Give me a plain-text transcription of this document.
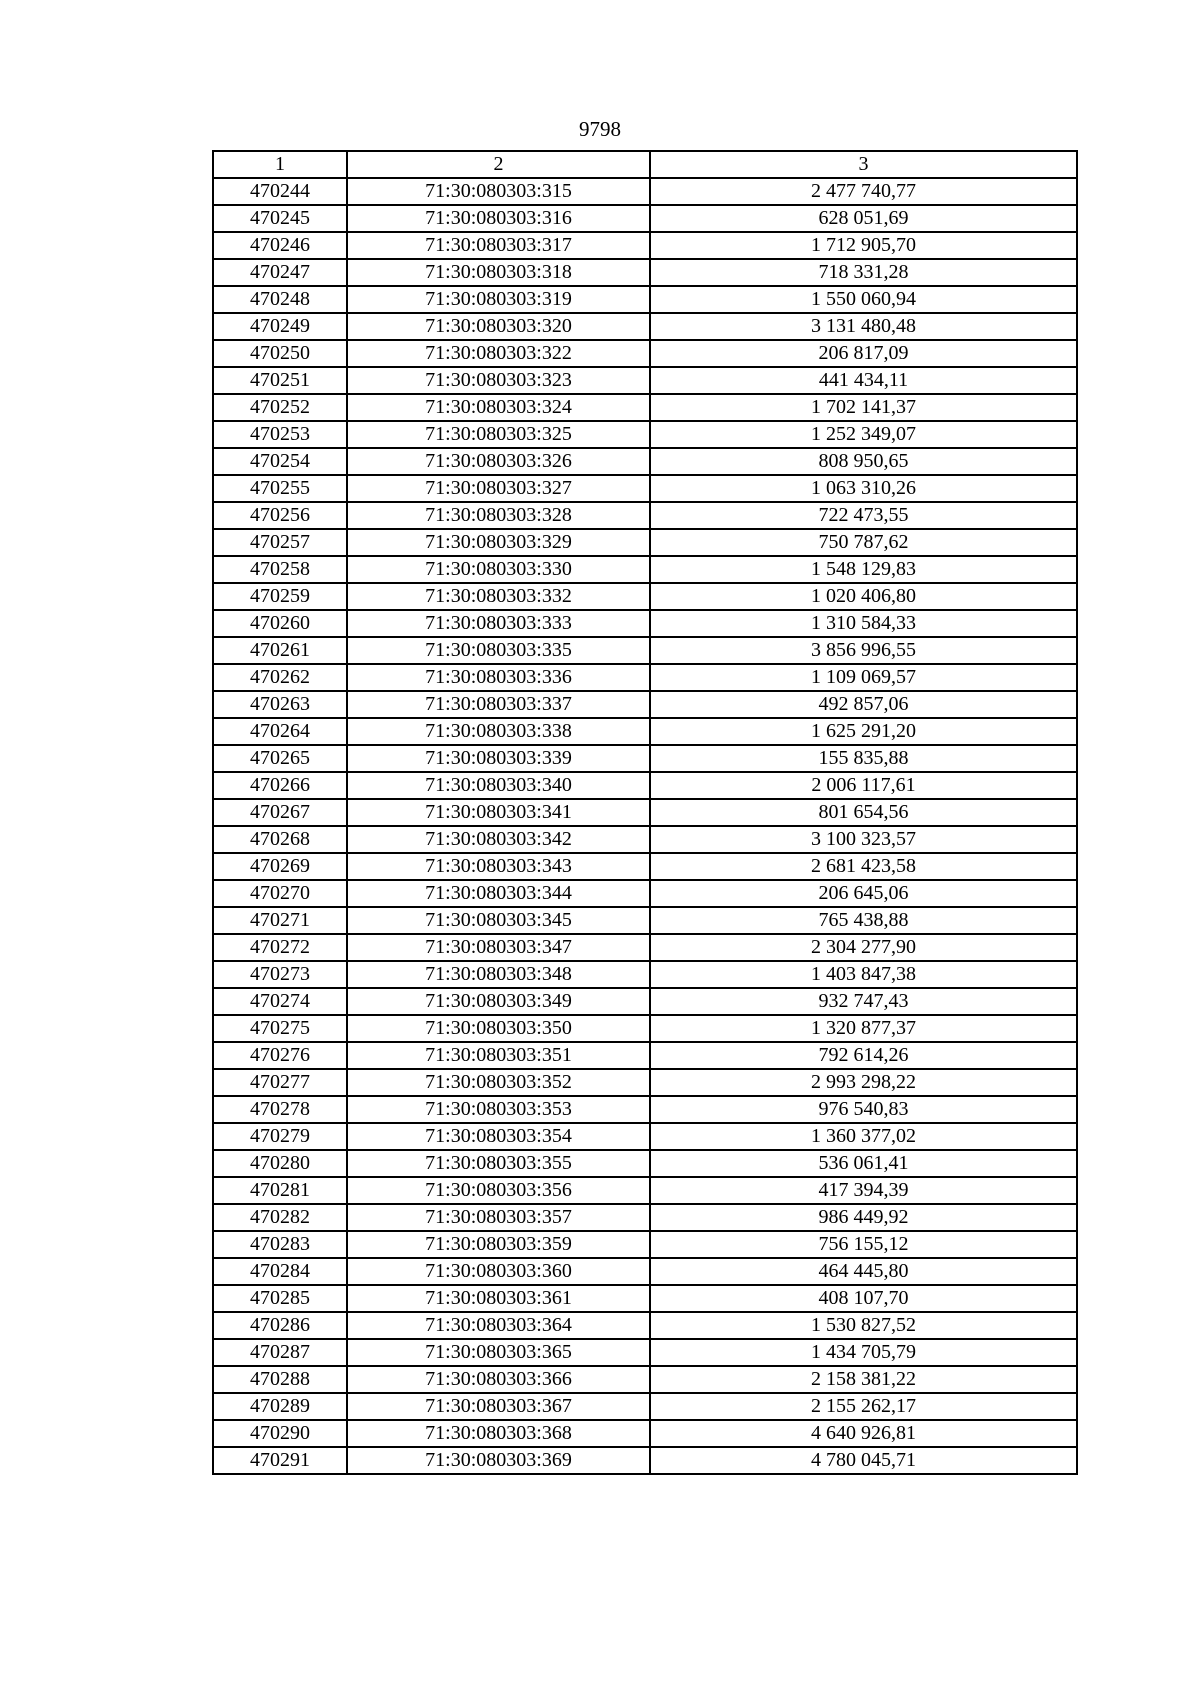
9798
1	2	3
470244	71:30:080303:315	2 477 740,77
470245	71:30:080303:316	628 051,69
470246	71:30:080303:317	1 712 905,70
470247	71:30:080303:318	718 331,28
470248	71:30:080303:319	1 550 060,94
470249	71:30:080303:320	3 131 480,48
470250	71:30:080303:322	206 817,09
470251	71:30:080303:323	441 434,11
470252	71:30:080303:324	1 702 141,37
470253	71:30:080303:325	1 252 349,07
470254	71:30:080303:326	808 950,65
470255	71:30:080303:327	1 063 310,26
470256	71:30:080303:328	722 473,55
470257	71:30:080303:329	750 787,62
470258	71:30:080303:330	1 548 129,83
470259	71:30:080303:332	1 020 406,80
470260	71:30:080303:333	1 310 584,33
470261	71:30:080303:335	3 856 996,55
470262	71:30:080303:336	1 109 069,57
470263	71:30:080303:337	492 857,06
470264	71:30:080303:338	1 625 291,20
470265	71:30:080303:339	155 835,88
470266	71:30:080303:340	2 006 117,61
470267	71:30:080303:341	801 654,56
470268	71:30:080303:342	3 100 323,57
470269	71:30:080303:343	2 681 423,58
470270	71:30:080303:344	206 645,06
470271	71:30:080303:345	765 438,88
470272	71:30:080303:347	2 304 277,90
470273	71:30:080303:348	1 403 847,38
470274	71:30:080303:349	932 747,43
470275	71:30:080303:350	1 320 877,37
470276	71:30:080303:351	792 614,26
470277	71:30:080303:352	2 993 298,22
470278	71:30:080303:353	976 540,83
470279	71:30:080303:354	1 360 377,02
470280	71:30:080303:355	536 061,41
470281	71:30:080303:356	417 394,39
470282	71:30:080303:357	986 449,92
470283	71:30:080303:359	756 155,12
470284	71:30:080303:360	464 445,80
470285	71:30:080303:361	408 107,70
470286	71:30:080303:364	1 530 827,52
470287	71:30:080303:365	1 434 705,79
470288	71:30:080303:366	2 158 381,22
470289	71:30:080303:367	2 155 262,17
470290	71:30:080303:368	4 640 926,81
470291	71:30:080303:369	4 780 045,71
